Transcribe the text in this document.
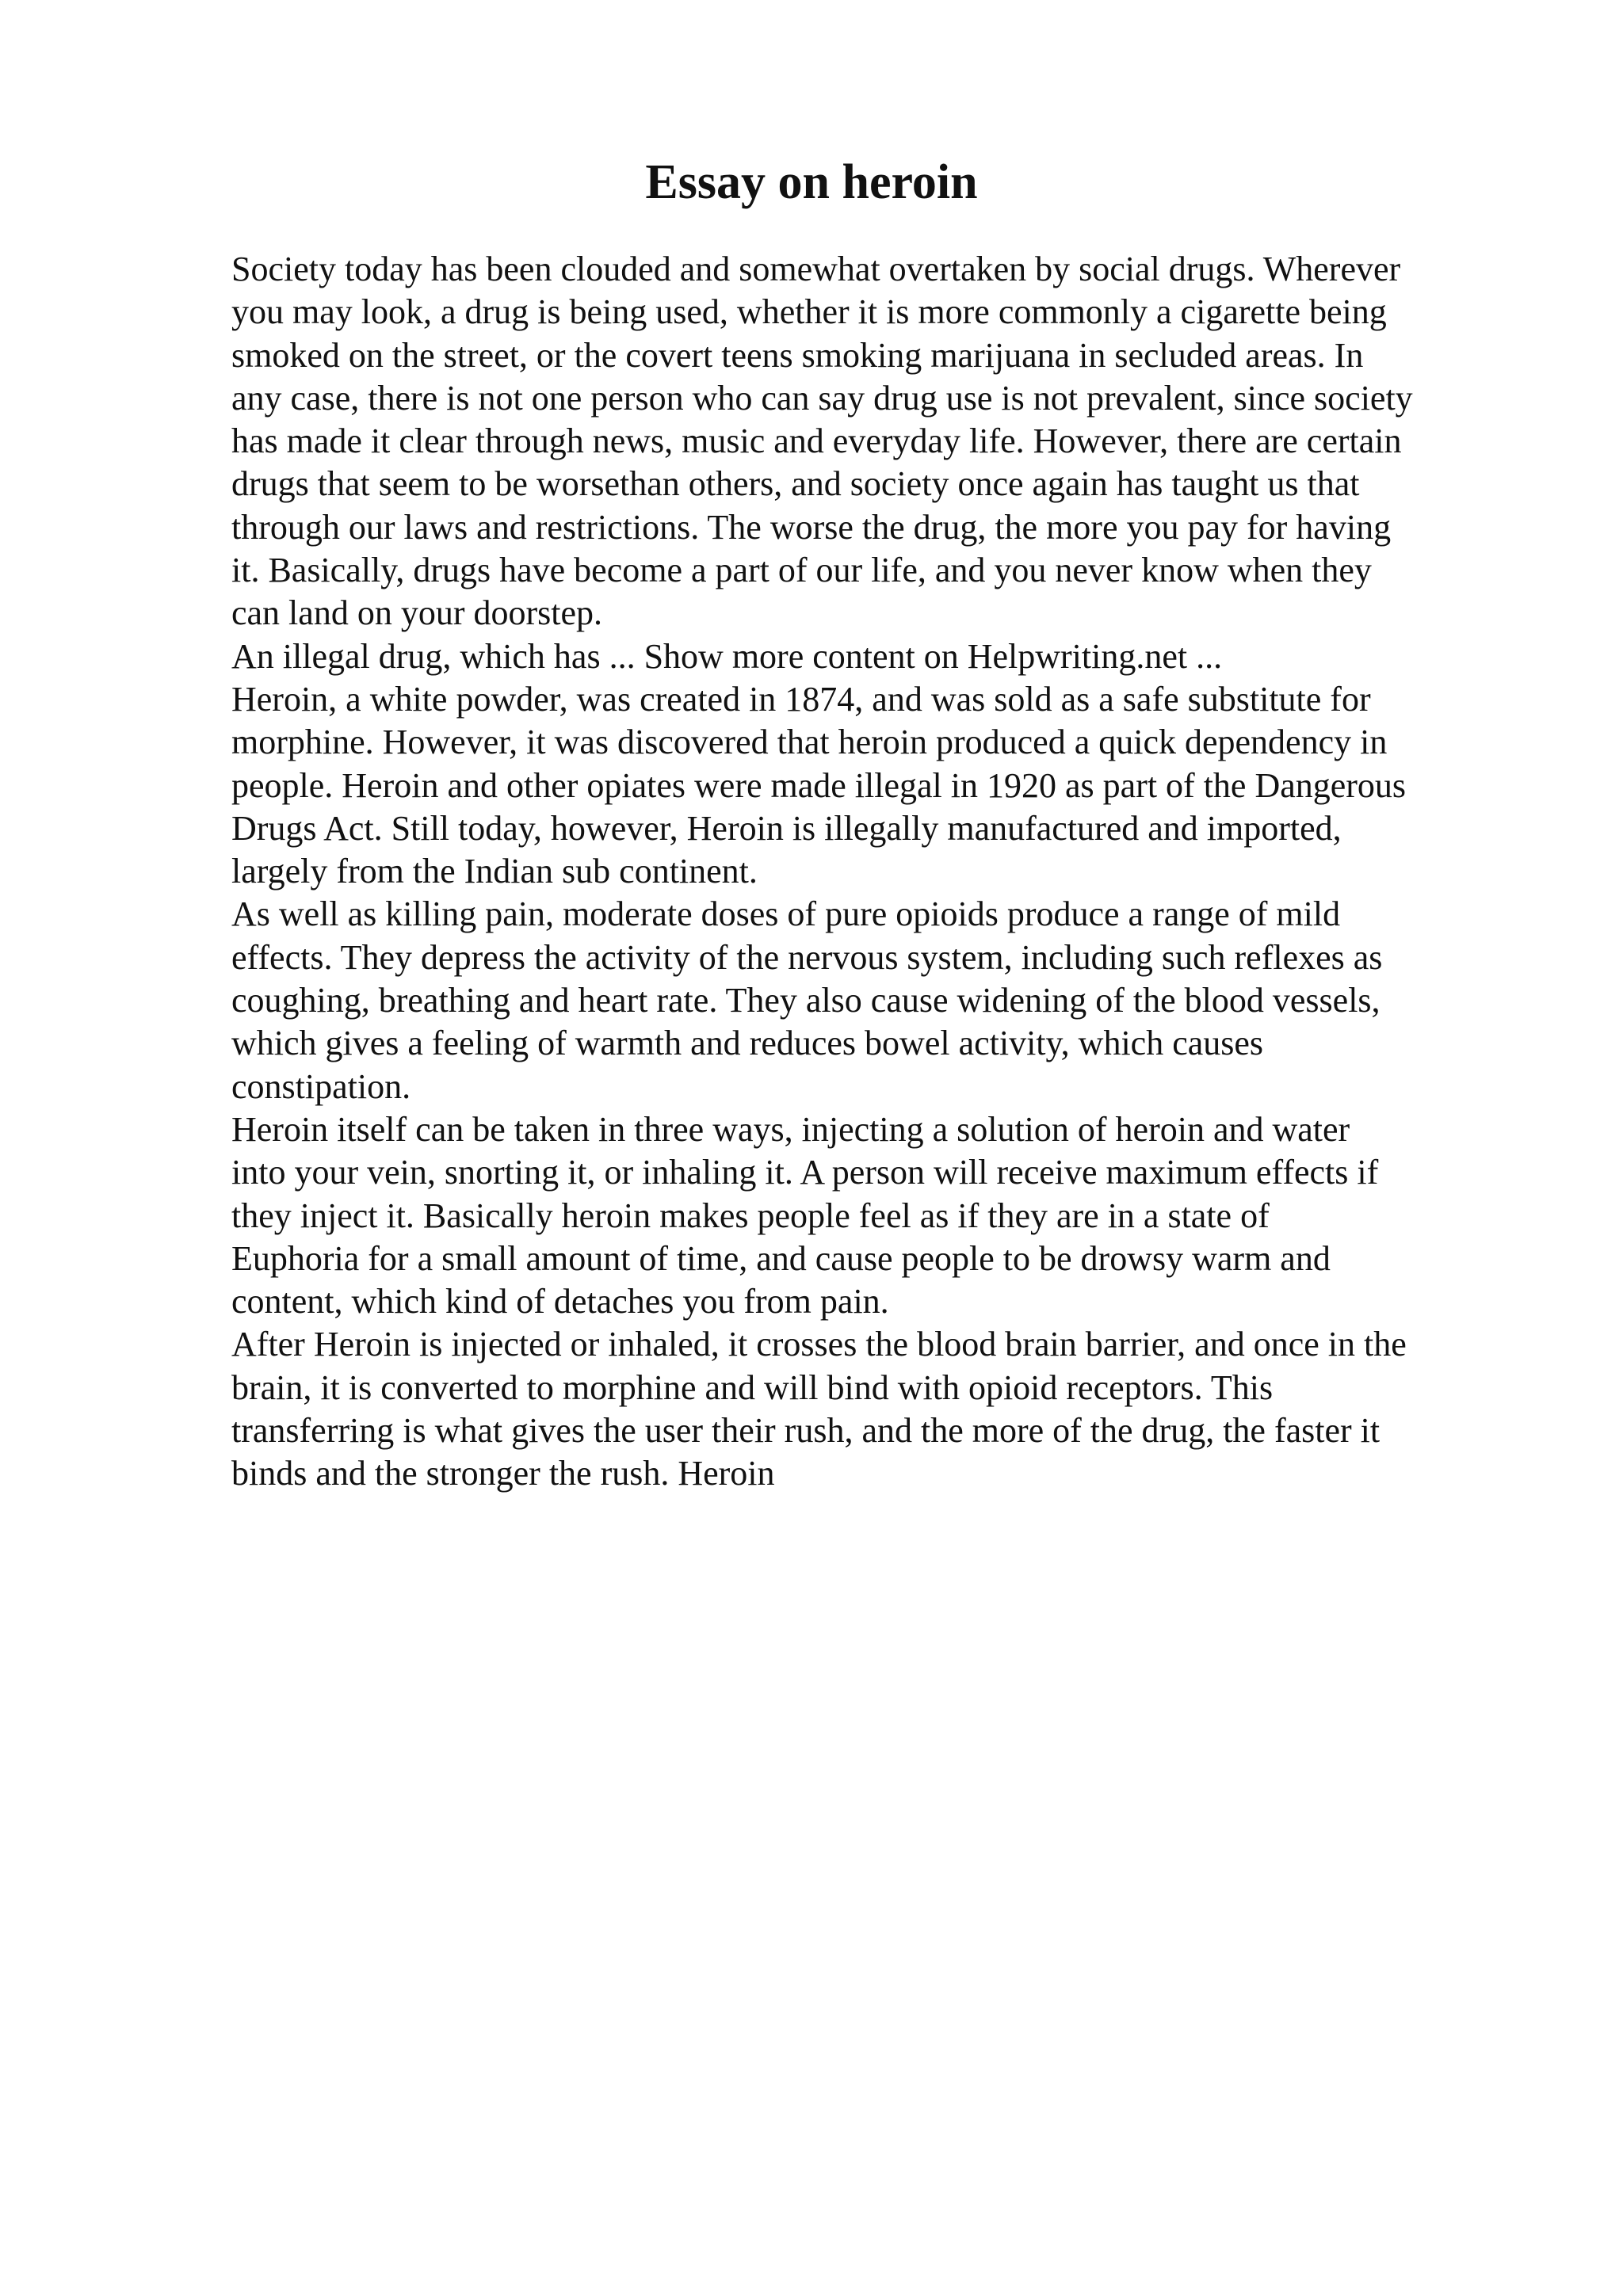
Essay on heroin
Society today has been clouded and somewhat overtaken by social drugs. Wherever
you may look, a drug is being used, whether it is more commonly a cigarette being
smoked on the street, or the covert teens smoking marijuana in secluded areas. In
any case, there is not one person who can say drug use is not prevalent, since society
has made it clear through news, music and everyday life. However, there are certain
drugs that seem to be worsethan others, and society once again has taught us that
through our laws and restrictions. The worse the drug, the more you pay for having
it. Basically, drugs have become a part of our life, and you never know when they
can land on your doorstep.
An illegal drug, which has ... Show more content on Helpwriting.net ...
Heroin, a white powder, was created in 1874, and was sold as a safe substitute for
morphine. However, it was discovered that heroin produced a quick dependency in
people. Heroin and other opiates were made illegal in 1920 as part of the Dangerous
Drugs Act. Still today, however, Heroin is illegally manufactured and imported,
largely from the Indian sub continent.
As well as killing pain, moderate doses of pure opioids produce a range of mild
effects. They depress the activity of the nervous system, including such reflexes as
coughing, breathing and heart rate. They also cause widening of the blood vessels,
which gives a feeling of warmth and reduces bowel activity, which causes
constipation.
Heroin itself can be taken in three ways, injecting a solution of heroin and water
into your vein, snorting it, or inhaling it. A person will receive maximum effects if
they inject it. Basically heroin makes people feel as if they are in a state of
Euphoria for a small amount of time, and cause people to be drowsy warm and
content, which kind of detaches you from pain.
After Heroin is injected or inhaled, it crosses the blood brain barrier, and once in the
brain, it is converted to morphine and will bind with opioid receptors. This
transferring is what gives the user their rush, and the more of the drug, the faster it
binds and the stronger the rush. Heroin
